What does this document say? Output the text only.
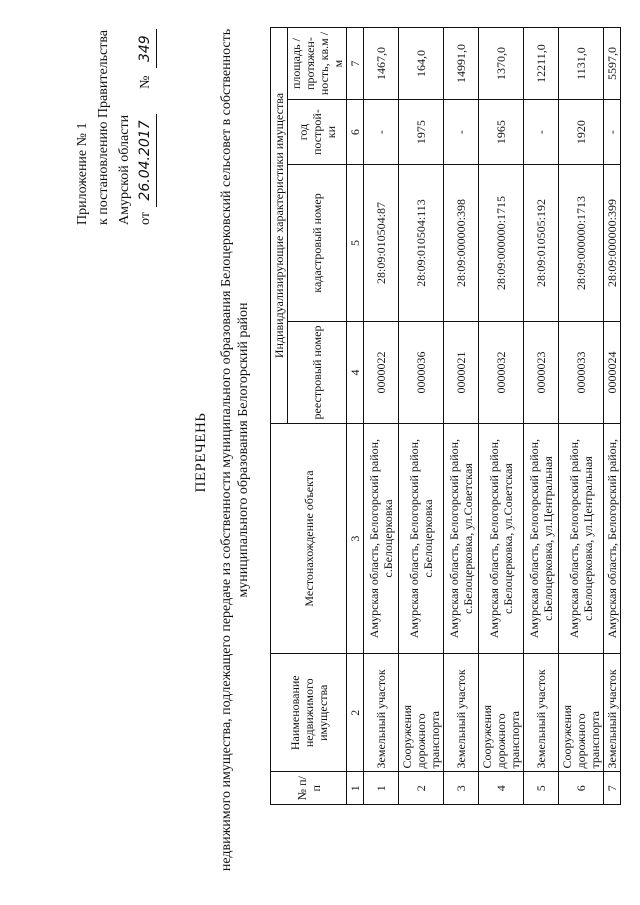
Приложение № 1 к постановлению Правительства Амурской области от 26.04.2017 № 349
ПЕРЕЧЕНЬ недвижимого имущества, подлежащего передаче из собственности муниципального образования Белоцерковский сельсовет в собственность муниципального образования Белогорский район
№ п/п	Наименование недвижимого имущества	Местонахождение объекта	Индивидуализирующие характеристики имущества			
			реестровый номер	кадастровый номер	год построй-ки	площадь / протяжен-ность, кв.м / м
1	2	3	4	5	6	7
1	Земельный участок	Амурская область, Белогорский район, с.Белоцерковка	0000022	28:09:010504:87	-	1467,0
2	Сооружения дорожного транспорта	Амурская область, Белогорский район, с.Белоцерковка	0000036	28:09:010504:113	1975	164,0
3	Земельный участок	Амурская область, Белогорский район, с.Белоцерковка, ул.Советская	0000021	28:09:000000:398	-	14991,0
4	Сооружения дорожного транспорта	Амурская область, Белогорский район, с.Белоцерковка, ул.Советская	0000032	28:09:000000:1715	1965	1370,0
5	Земельный участок	Амурская область, Белогорский район, с.Белоцерковка, ул.Центральная	0000023	28:09:010505:192	-	12211,0
6	Сооружения дорожного транспорта	Амурская область, Белогорский район, с.Белоцерковка, ул.Центральная	0000033	28:09:000000:1713	1920	1131,0
7	Земельный участок	Амурская область, Белогорский район,	0000024	28:09:000000:399	-	5597,0
